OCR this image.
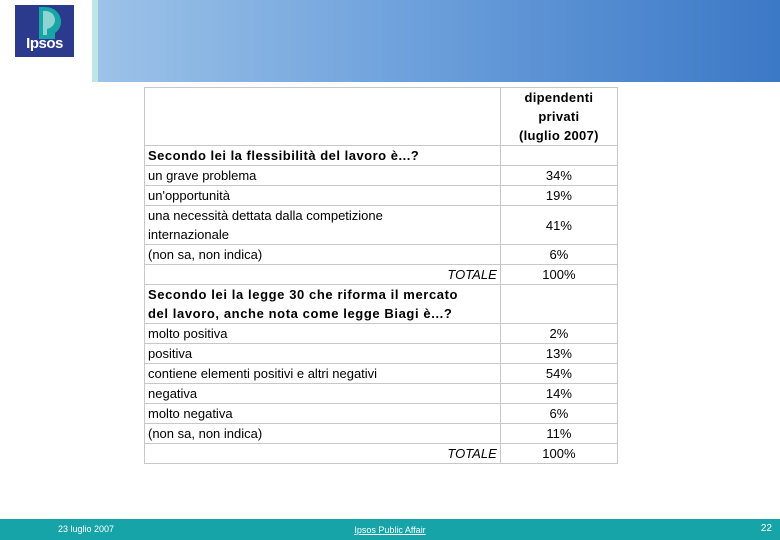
Ipsos

	dipendenti
privati
(luglio 2007)

Secondo lei la flessibilità del lavoro è...?	
un grave problema	34%
un'opportunità	19%

una necessità dettata dalla competizione
internazionale	41%
(non sa, non indica)	6%
TOTALE	100%

Secondo lei la legge 30 che riforma il mercato
del lavoro, anche nota come legge Biagi è...?	

molto positiva	2%
positiva	13%
contiene elementi positivi e altri negativi	54%
negativa	14%
molto negativa	6%
(non sa, non indica)	11%
TOTALE	100%
23 luglio 2007	Ipsos Public Affair	22
